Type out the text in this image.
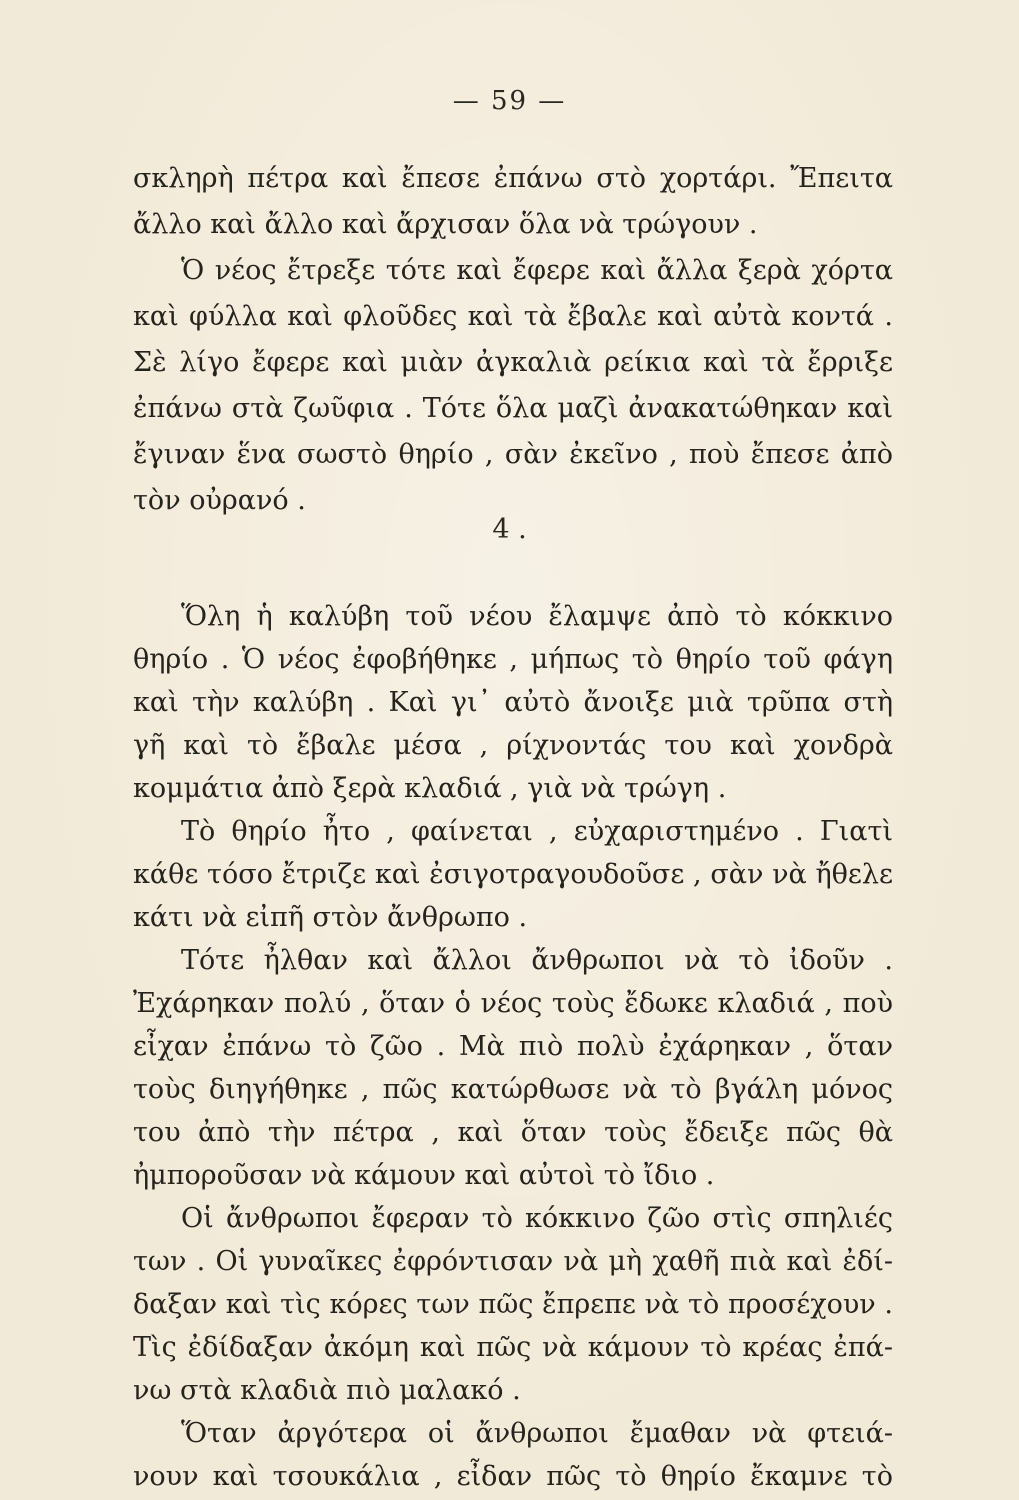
— 59 —
σκληρὴ πέτρα καὶ ἔπεσε ἐπάνω στὸ χορτάρι. Ἔπειτα
ἄλλο καὶ ἄλλο καὶ ἄρχισαν ὅλα νὰ τρώγουν .
Ὁ νέος ἔτρεξε τότε καὶ ἔφερε καὶ ἄλλα ξερὰ χόρτα
καὶ φύλλα καὶ φλοῦδες καὶ τὰ ἔβαλε καὶ αὐτὰ κοντά .
Σὲ λίγο ἔφερε καὶ μιὰν ἀγκαλιὰ ρείκια καὶ τὰ ἔρριξε
ἐπάνω στὰ ζωῦφια . Τότε ὅλα μαζὶ ἀνακατώθηκαν καὶ
ἔγιναν ἕνα σωστὸ θηρίο , σὰν ἐκεῖνο , ποὺ ἔπεσε ἀπὸ
τὸν οὐρανό .
4 .
Ὅλη ἡ καλύβη τοῦ νέου ἔλαμψε ἀπὸ τὸ κόκκινο
θηρίο . Ὁ νέος ἐφοβήθηκε , μήπως τὸ θηρίο τοῦ φάγη
καὶ τὴν καλύβη . Καὶ γι᾿ αὐτὸ ἄνοιξε μιὰ τρῦπα στὴ
γῆ καὶ τὸ ἔβαλε μέσα , ρίχνοντάς του καὶ χονδρὰ
κομμάτια ἀπὸ ξερὰ κλαδιά , γιὰ νὰ τρώγη .
Τὸ θηρίο ἦτο , φαίνεται , εὐχαριστημένο . Γιατὶ
κάθε τόσο ἔτριζε καὶ ἐσιγοτραγουδοῦσε , σὰν νὰ ἤθελε
κάτι νὰ εἰπῆ στὸν ἄνθρωπο .
Τότε ἦλθαν καὶ ἄλλοι ἄνθρωποι νὰ τὸ ἰδοῦν .
Ἐχάρηκαν πολύ , ὅταν ὁ νέος τοὺς ἔδωκε κλαδιά , ποὺ
εἶχαν ἐπάνω τὸ ζῶο . Μὰ πιὸ πολὺ ἐχάρηκαν , ὅταν
τοὺς διηγήθηκε , πῶς κατώρθωσε νὰ τὸ βγάλη μόνος
του ἀπὸ τὴν πέτρα , καὶ ὅταν τοὺς ἔδειξε πῶς θὰ
ἠμποροῦσαν νὰ κάμουν καὶ αὐτοὶ τὸ ἴδιο .
Οἱ ἄνθρωποι ἔφεραν τὸ κόκκινο ζῶο στὶς σπηλιές
των . Οἱ γυναῖκες ἐφρόντισαν νὰ μὴ χαθῆ πιὰ καὶ ἐδί-
δαξαν καὶ τὶς κόρες των πῶς ἔπρεπε νὰ τὸ προσέχουν .
Τὶς ἐδίδαξαν ἀκόμη καὶ πῶς νὰ κάμουν τὸ κρέας ἐπά-
νω στὰ κλαδιὰ πιὸ μαλακό .
Ὅταν ἀργότερα οἱ ἄνθρωποι ἔμαθαν νὰ φτειά-
νουν καὶ τσουκάλια , εἶδαν πῶς τὸ θηρίο ἔκαμνε τὸ
